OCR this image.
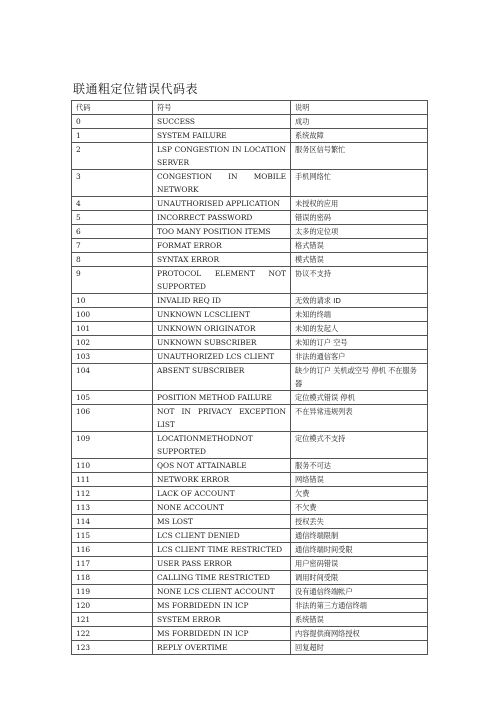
联通粗定位错误代码表
代码	符号	说明
0	SUCCESS	成功
1	SYSTEM FAILURE	系统故障
2	LSP CONGESTION IN LOCATION SERVER	服务区信号繁忙
3	CONGESTION IN MOBILE NETWORK	手机网络忙
4	UNAUTHORISED APPLICATION	未授权的应用
5	INCORRECT PASSWORD	错误的密码
6	TOO MANY POSITION ITEMS	太多的定位项
7	FORMAT ERROR	格式错误
8	SYNTAX ERROR	模式错误
9	PROTOCOL ELEMENT NOT SUPPORTED	协议不支持
10	INVALID REQ ID	无效的请求 ID
100	UNKNOWN LCSCLIENT	未知的终端
101	UNKNOWN ORIGINATOR	未知的发起人
102	UNKNOWN SUBSCRIBER	未知的订户 空号
103	UNAUTHORIZED LCS CLIENT	非法的通信客户
104	ABSENT SUBSCRIBER	缺少的订户 关机或空号 停机 不在服务器
105	POSITION METHOD FAILURE	定位模式错误 停机
106	NOT IN PRIVACY EXCEPTION LIST	不在异常违规列表
109	LOCATIONMETHODNOT SUPPORTED	定位模式不支持
110	QOS NOT ATTAINABLE	服务不可达
111	NETWORK ERROR	网络错误
112	LACK OF ACCOUNT	欠费
113	NONE ACCOUNT	不欠费
114	MS LOST	授权丢失
115	LCS CLIENT DENIED	通信终端限制
116	LCS CLIENT TIME RESTRICTED	通信终端时间受限
117	USER PASS ERROR	用户密码错误
118	CALLING TIME RESTRICTED	调用时间受限
119	NONE LCS CLIENT ACCOUNT	没有通信终端帐户
120	MS FORBIDEDN IN ICP	非法的第三方通信终端
121	SYSTEM ERROR	系统错误
122	MS FORBIDEDN IN ICP	内容提供商网络授权
123	REPLY OVERTIME	回复超时
